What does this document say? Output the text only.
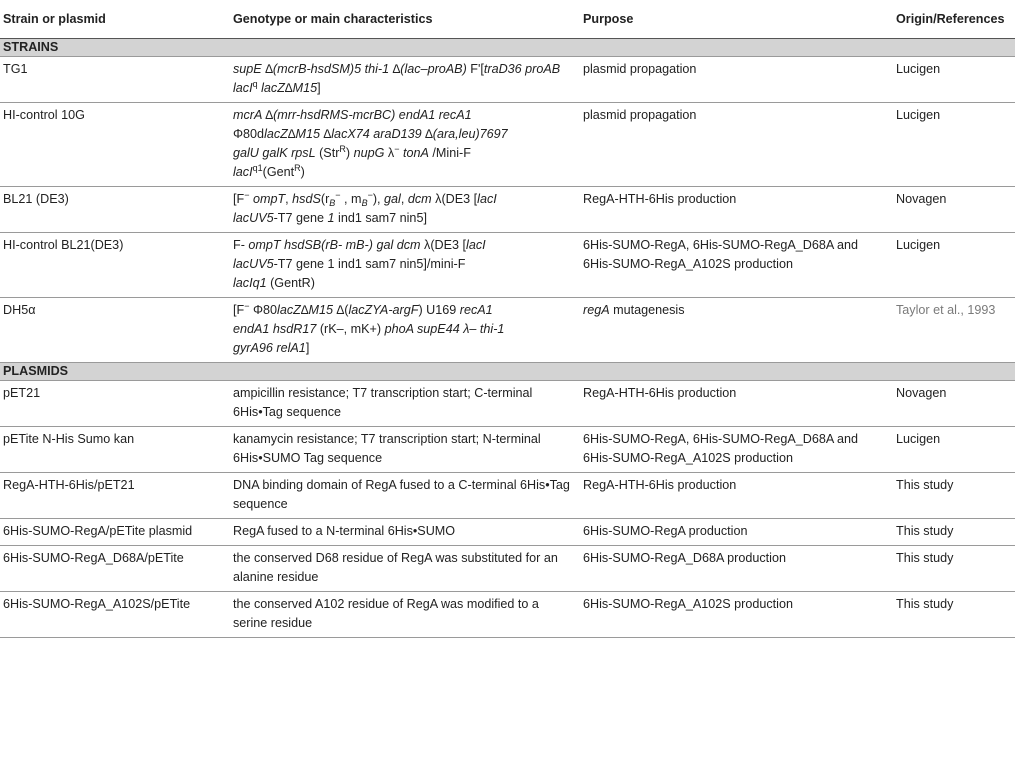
Strain or plasmid	Genotype or main characteristics	Purpose	Origin/References
STRAINS			
TG1	supE ∆(mcrB-hsdSM)5 thi-1 ∆(lac–proAB) F'[traD36 proAB lacI$^q$ lacZ∆M15]	plasmid propagation	Lucigen
HI-control 10G	mcrA ∆(mrr-hsdRMS-mcrBC) endA1 recA1
Φ80dlacZ∆M15 ∆lacX74 araD139 ∆(ara,leu)7697
galU galK rpsL (Str$^R$) nupG λ− tonA /Mini-F
lacI$^{q1}$(Gent$^R$)	plasmid propagation	Lucigen
BL21 (DE3)	[F− ompT, $hsdS(r_B^-$ , $m_B^-$), gal, dcm λ(DE3 [lacI
lacUV5-T7 gene 1 ind1 sam7 nin5]	RegA-HTH-6His production	Novagen
HI-control BL21(DE3)	F- ompT hsdSB(rB- mB-) gal dcm λ(DE3 [lacI
lacUV5-T7 gene 1 ind1 sam7 nin5]/mini-F
lacIq1 (GentR)	6His-SUMO-RegA, 6His-SUMO-RegA_D68A and 6His-SUMO-RegA_A102S production	Lucigen
DH5α	[F− Φ80lacZ∆M15 ∆(lacZYA-argF) U169 recA1
endA1 hsdR17 (rK–, mK+) phoA supE44 λ– thi-1
gyrA96 relA1]	regA mutagenesis	Taylor et al., 1993
PLASMIDS			
pET21	ampicillin resistance; T7 transcription start; C-terminal 6His•Tag sequence	RegA-HTH-6His production	Novagen
pETite N-His Sumo kan	kanamycin resistance; T7 transcription start; N-terminal 6His•SUMO Tag sequence	6His-SUMO-RegA, 6His-SUMO-RegA_D68A and 6His-SUMO-RegA_A102S production	Lucigen
RegA-HTH-6His/pET21	DNA binding domain of RegA fused to a C-terminal 6His•Tag sequence	RegA-HTH-6His production	This study
6His-SUMO-RegA/pETite plasmid	RegA fused to a N-terminal 6His•SUMO	6His-SUMO-RegA production	This study
6His-SUMO-RegA_D68A/pETite	the conserved D68 residue of RegA was substituted for an alanine residue	6His-SUMO-RegA_D68A production	This study
6His-SUMO-RegA_A102S/pETite	the conserved A102 residue of RegA was modified to a serine residue	6His-SUMO-RegA_A102S production	This study
